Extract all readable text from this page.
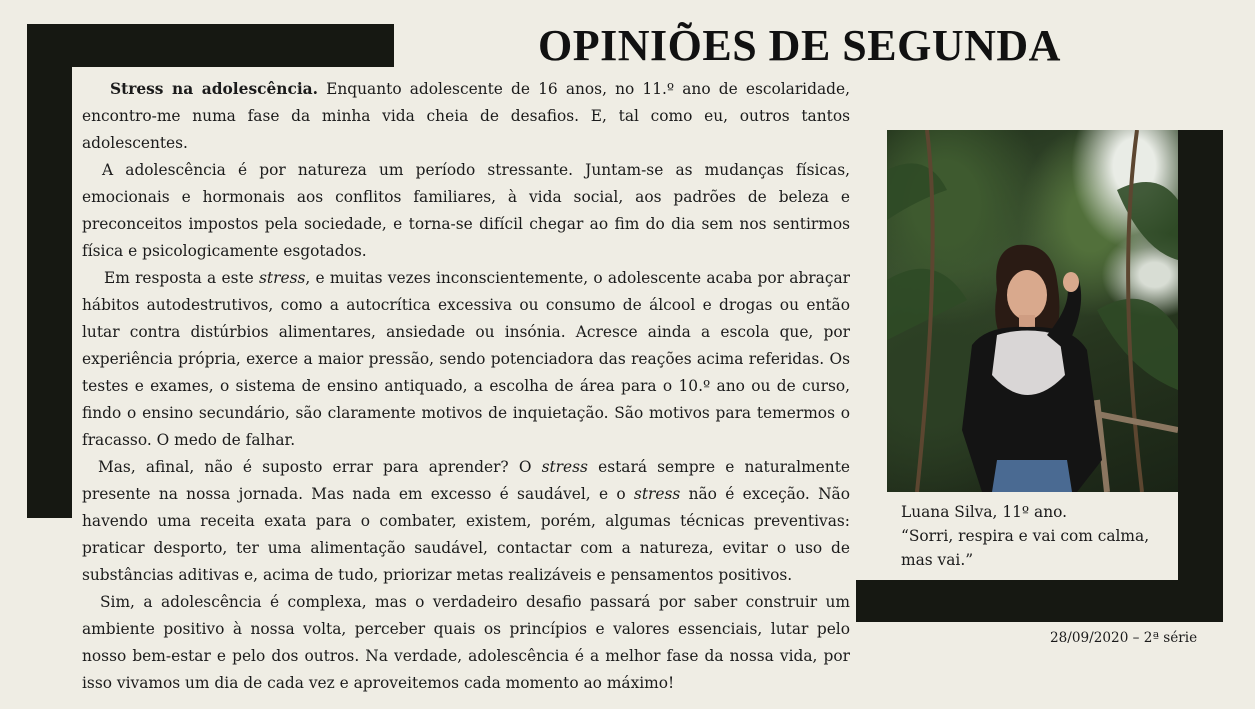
OPINIÕES DE SEGUNDA

Stress na adolescência. Enquanto adolescente de 16 anos, no 11.º ano de escolaridade, encontro-me numa fase da minha vida cheia de desafios. E, tal como eu, outros tantos adolescentes.

A adolescência é por natureza um período stressante. Juntam-se as mudanças físicas, emocionais e hormonais aos conflitos familiares, à vida social, aos padrões de beleza e preconceitos impostos pela sociedade, e torna-se difícil chegar ao fim do dia sem nos sentirmos física e psicologicamente esgotados.

Em resposta a este stress, e muitas vezes inconscientemente, o adolescente acaba por abraçar hábitos autodestrutivos, como a autocrítica excessiva ou consumo de álcool e drogas ou então lutar contra distúrbios alimentares, ansiedade ou insónia. Acresce ainda a escola que, por experiência própria, exerce a maior pressão, sendo potenciadora das reações acima referidas. Os testes e exames, o sistema de ensino antiquado, a escolha de área para o 10.º ano ou de curso, findo o ensino secundário, são claramente motivos de inquietação. São motivos para temermos o fracasso. O medo de falhar.

Mas, afinal, não é suposto errar para aprender? O stress estará sempre e naturalmente presente na nossa jornada. Mas nada em excesso é saudável, e o stress não é exceção. Não havendo uma receita exata para o combater, existem, porém, algumas técnicas preventivas: praticar desporto, ter uma alimentação saudável, contactar com a natureza, evitar o uso de substâncias aditivas e, acima de tudo, priorizar metas realizáveis e pensamentos positivos.

Sim, a adolescência é complexa, mas o verdadeiro desafio passará por saber construir um ambiente positivo à nossa volta, perceber quais os princípios e valores essenciais, lutar pelo nosso bem-estar e pelo dos outros. Na verdade, adolescência é a melhor fase da nossa vida, por isso vivamos um dia de cada vez e aproveitemos cada momento ao máximo!

Luana Silva, 11º ano.
“Sorri, respira e vai com calma, mas vai.”
28/09/2020 – 2ª série
